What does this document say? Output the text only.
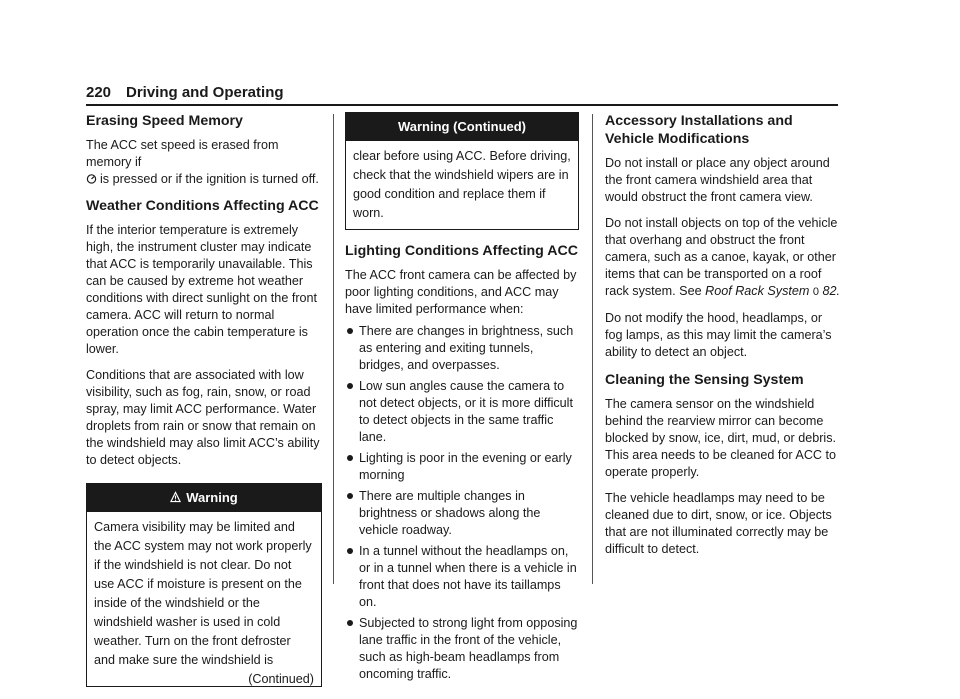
220 Driving and Operating
Erasing Speed Memory

The ACC set speed is erased from memory if
is pressed or if the ignition is turned off.

Weather Conditions Affecting ACC

If the interior temperature is extremely high, the instrument cluster may indicate that ACC is temporarily unavailable. This can be caused by extreme hot weather conditions with direct sunlight on the front camera. ACC will return to normal operation once the cabin temperature is lower.

Conditions that are associated with low visibility, such as fog, rain, snow, or road spray, may limit ACC performance. Water droplets from rain or snow that remain on the windshield may also limit ACC’s ability to detect objects.

Warning
Camera visibility may be limited and the ACC system may not work properly if the windshield is not clear. Do not use ACC if moisture is present on the inside of the windshield or the windshield washer is used in cold weather. Turn on the front defroster and make sure the windshield is
(Continued)
Warning (Continued)
clear before using ACC. Before driving, check that the windshield wipers are in good condition and replace them if worn.
Lighting Conditions Affecting ACC

The ACC front camera can be affected by poor lighting conditions, and ACC may have limited performance when:

There are changes in brightness, such as entering and exiting tunnels, bridges, and overpasses.
Low sun angles cause the camera to not detect objects, or it is more difficult to detect objects in the same traffic lane.
Lighting is poor in the evening or early morning
There are multiple changes in brightness or shadows along the vehicle roadway.
In a tunnel without the headlamps on, or in a tunnel when there is a vehicle in front that does not have its taillamps on.
Subjected to strong light from opposing lane traffic in the front of the vehicle, such as high-beam headlamps from oncoming traffic.
Accessory Installations and Vehicle Modifications

Do not install or place any object around the front camera windshield area that would obstruct the front camera view.

Do not install objects on top of the vehicle that overhang and obstruct the front camera, such as a canoe, kayak, or other items that can be transported on a roof rack system. See Roof Rack System 0 82.

Do not modify the hood, headlamps, or fog lamps, as this may limit the camera’s ability to detect an object.

Cleaning the Sensing System

The camera sensor on the windshield behind the rearview mirror can become blocked by snow, ice, dirt, mud, or debris. This area needs to be cleaned for ACC to operate properly.

The vehicle headlamps may need to be cleaned due to dirt, snow, or ice. Objects that are not illuminated correctly may be difficult to detect.
